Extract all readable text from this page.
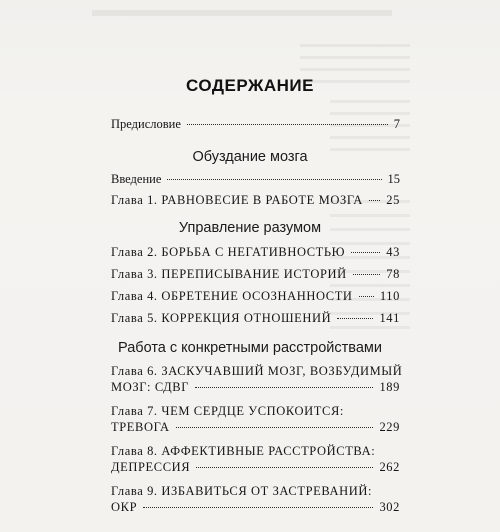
СОДЕРЖАНИЕ
Предисловие	7
Обуздание мозга
Введение	15
Глава 1. РАВНОВЕСИЕ В РАБОТЕ МОЗГА 25
Управление разумом
Глава 2. БОРЬБА С НЕГАТИВНОСТЬЮ	43
Глава 3. ПЕРЕПИСЫВАНИЕ ИСТОРИЙ	78
Глава 4. ОБРЕТЕНИЕ ОСОЗНАННОСТИ 110
Глава 5. КОРРЕКЦИЯ ОТНОШЕНИЙ	141
Работа с конкретными расстройствами
Глава 6. ЗАСКУЧАВШИЙ МОЗГ, ВОЗБУДИМЫЙ
МОЗГ: СДВГ	189
Глава 7. ЧЕМ СЕРДЦЕ УСПОКОИТСЯ:
ТРЕВОГА	229
Глава 8. АФФЕКТИВНЫЕ РАССТРОЙСТВА:
ДЕПРЕССИЯ	262
Глава 9. ИЗБАВИТЬСЯ ОТ ЗАСТРЕВАНИЙ:
ОКР	302
